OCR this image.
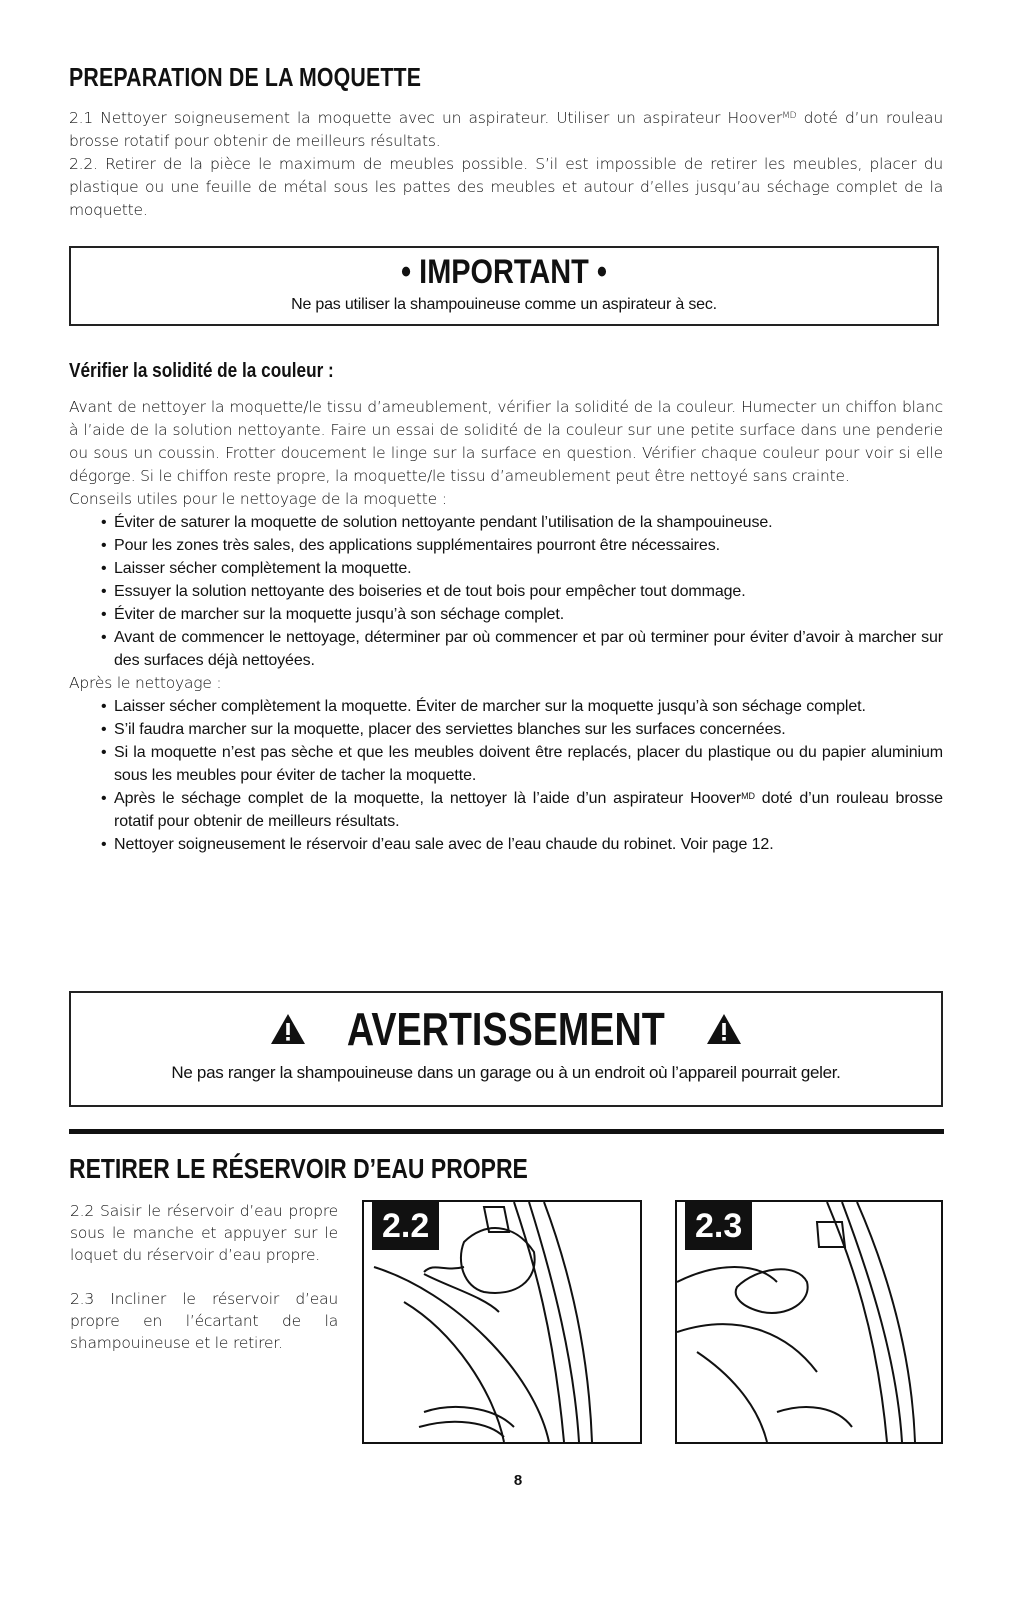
PREPARATION DE LA MOQUETTE

2.1 Nettoyer soigneusement la moquette avec un aspirateur. Utiliser un aspirateur Hoover$^{MD}$ doté d’un rouleau brosse rotatif pour obtenir de meilleurs résultats.

2.2. Retirer de la pièce le maximum de meubles possible. S’il est impossible de retirer les meubles, placer du plastique ou une feuille de métal sous les pattes des meubles et autour d’elles jusqu’au séchage complet de la moquette.

• IMPORTANT •
Ne pas utiliser la shampouineuse comme un aspirateur à sec.
Vérifier la solidité de la couleur :

Avant de nettoyer la moquette/le tissu d’ameublement, vérifier la solidité de la couleur. Humecter un chiffon blanc à l’aide de la solution nettoyante. Faire un essai de solidité de la couleur sur une petite surface dans une penderie ou sous un coussin. Frotter doucement le linge sur la surface en question. Vérifier chaque couleur pour voir si elle dégorge. Si le chiffon reste propre, la moquette/le tissu d’ameublement peut être nettoyé sans crainte.

Conseils utiles pour le nettoyage de la moquette :

• Éviter de saturer la moquette de solution nettoyante pendant l’utilisation de la shampouineuse.
• Pour les zones très sales, des applications supplémentaires pourront être nécessaires.
• Laisser sécher complètement la moquette.
• Essuyer la solution nettoyante des boiseries et de tout bois pour empêcher tout dommage.
• Éviter de marcher sur la moquette jusqu’à son séchage complet.
• Avant de commencer le nettoyage, déterminer par où commencer et par où terminer pour éviter d’avoir à marcher sur des surfaces déjà nettoyées.

Après le nettoyage :

• Laisser sécher complètement la moquette. Éviter de marcher sur la moquette jusqu’à son séchage complet.
• S’il faudra marcher sur la moquette, placer des serviettes blanches sur les surfaces concernées.
• Si la moquette n’est pas sèche et que les meubles doivent être replacés, placer du plastique ou du papier aluminium sous les meubles pour éviter de tacher la moquette.
• Après le séchage complet de la moquette, la nettoyer là l’aide d’un aspirateur Hoover$^{MD}$ doté d’un rouleau brosse rotatif pour obtenir de meilleurs résultats.
• Nettoyer soigneusement le réservoir d’eau sale avec de l’eau chaude du robinet. Voir page 12.
AVERTISSEMENT
Ne pas ranger la shampouineuse dans un garage ou à un endroit où l’appareil pourrait geler.
RETIRER LE RÉSERVOIR D’EAU PROPRE

2.2 Saisir le réservoir d’eau propre sous le manche et appuyer sur le loquet du réservoir d’eau propre.

2.3 Incliner le réservoir d’eau propre en l’écartant de la shampouineuse et le retirer.

2.2	2.3
8
